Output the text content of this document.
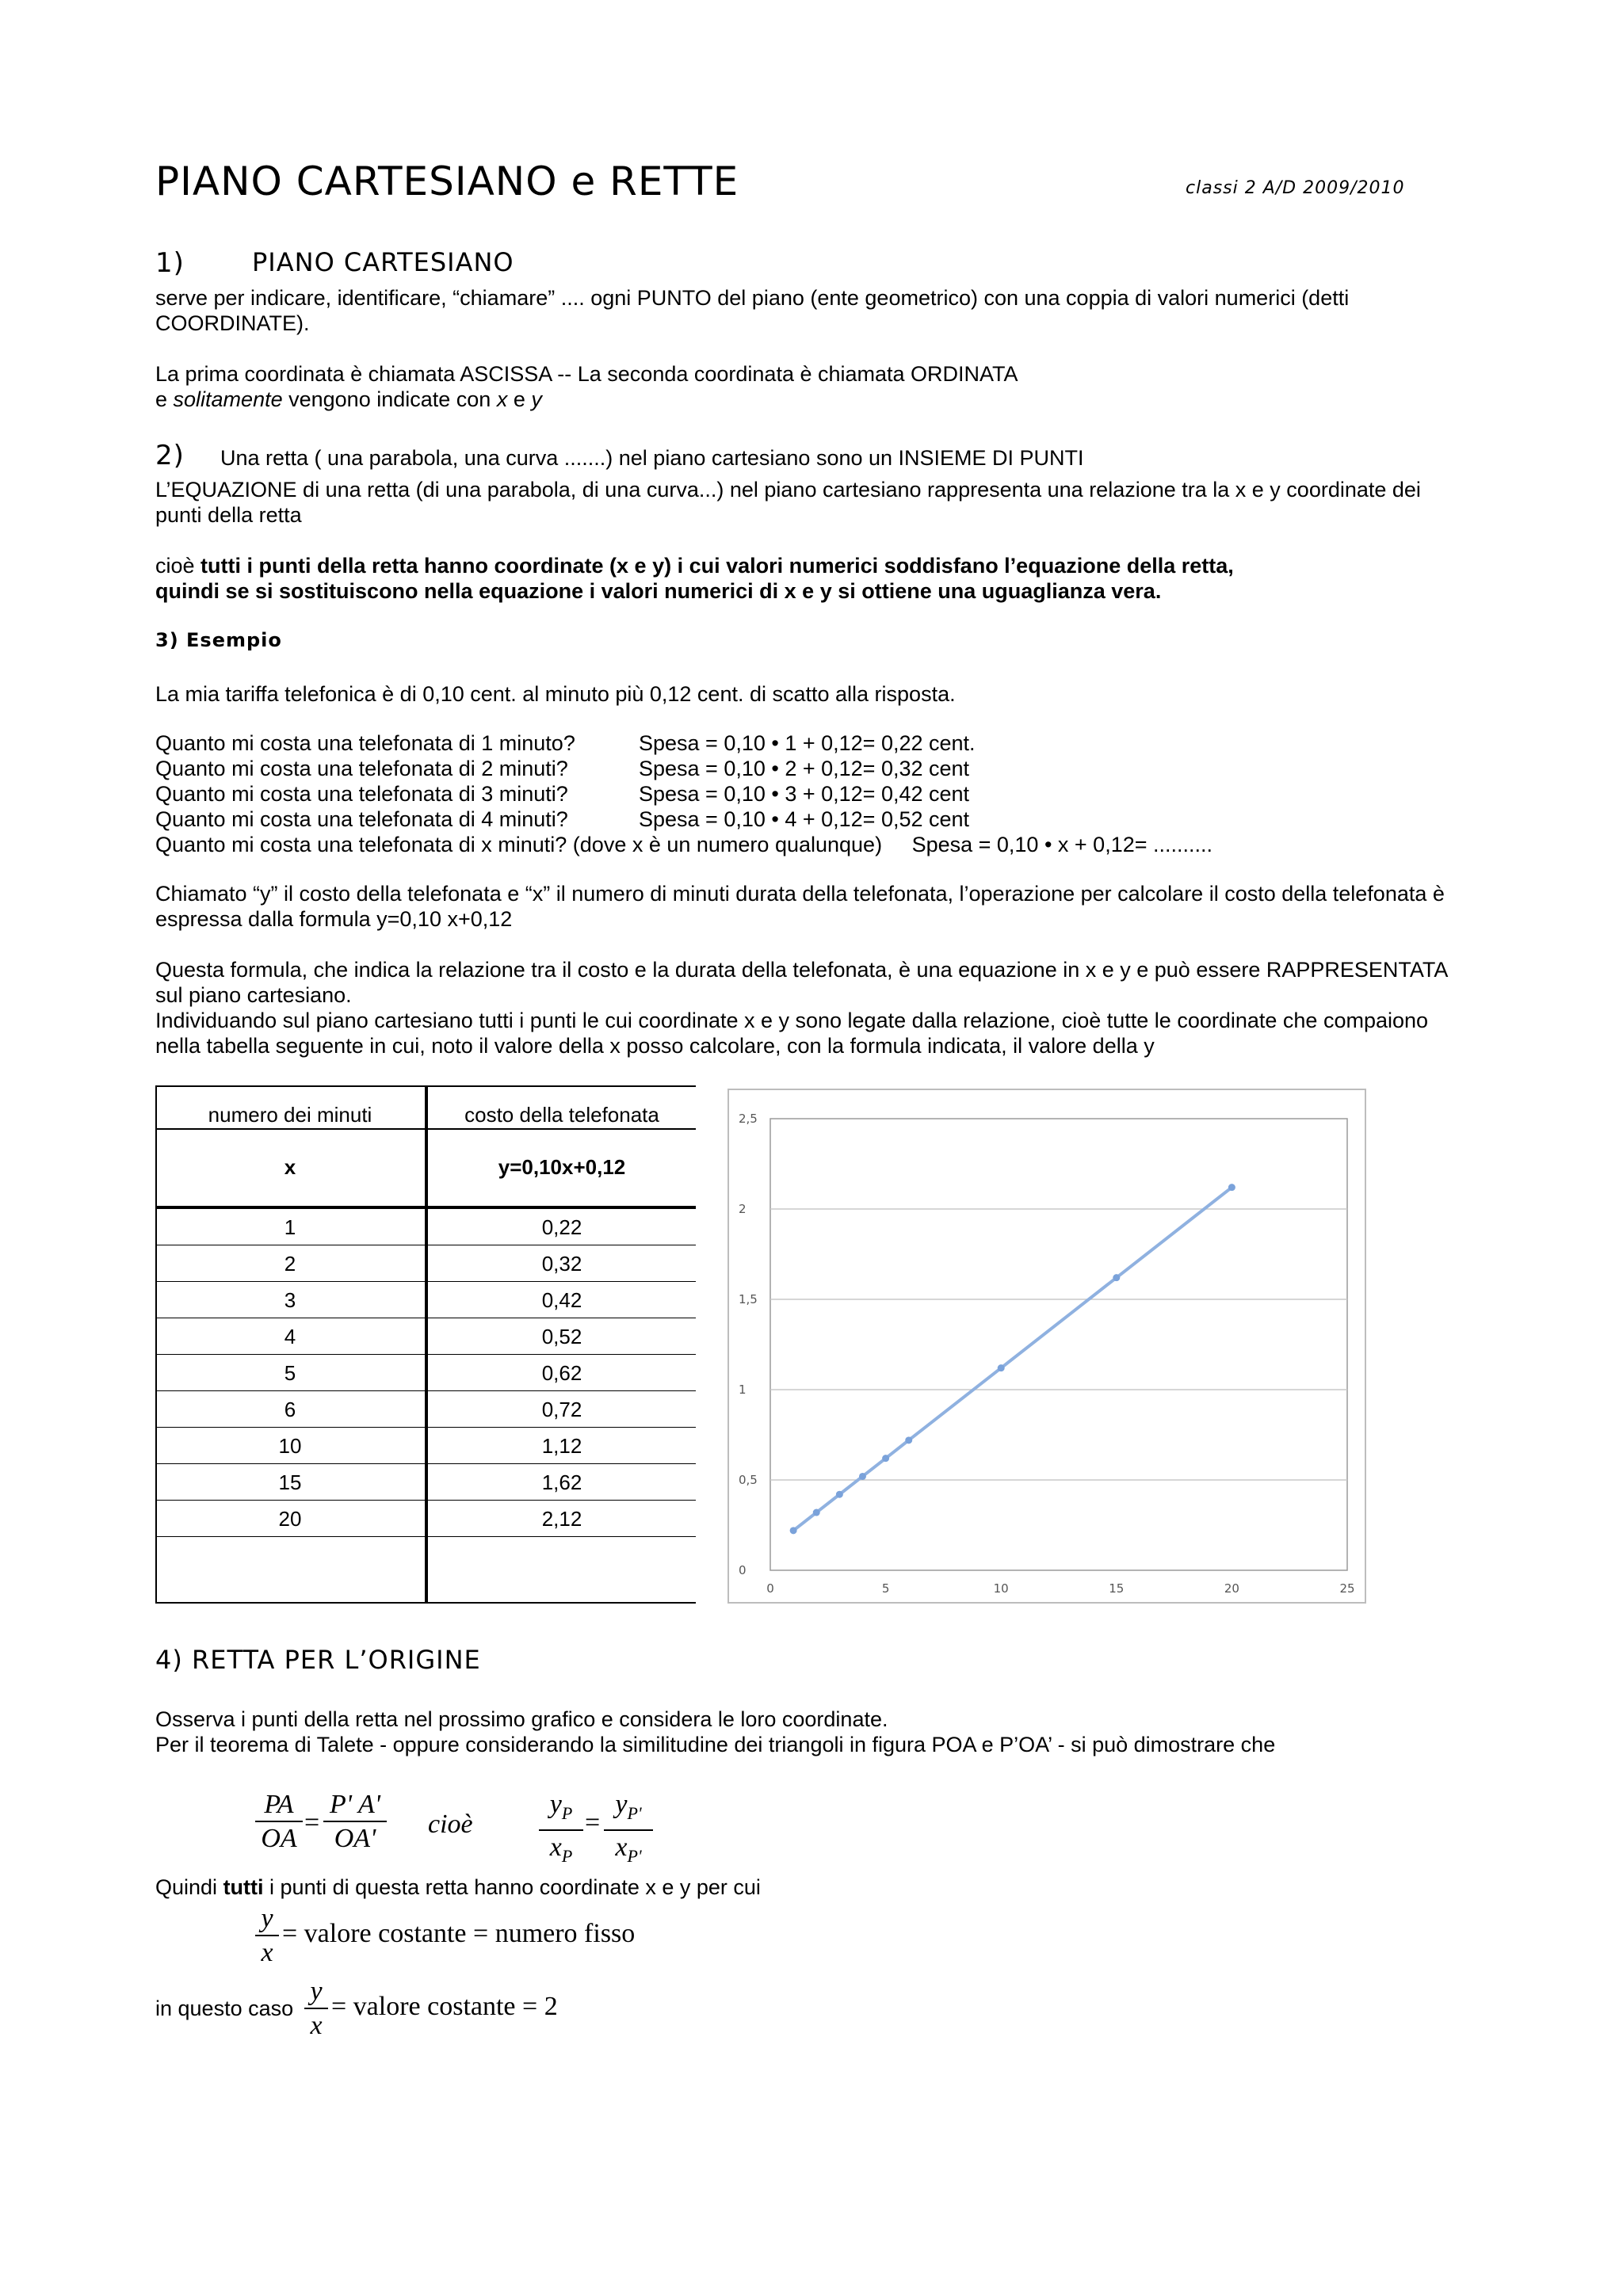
PIANO CARTESIANO e RETTE	classi 2 A/D 2009/2010
1)	PIANO CARTESIANO
serve per indicare, identificare, “chiamare” .... ogni PUNTO del piano (ente geometrico) con una coppia di valori numerici (detti COORDINATE).
La prima coordinata è chiamata ASCISSA -- La seconda coordinata è chiamata ORDINATA
e solitamente vengono indicate con x e y
2) Una retta ( una parabola, una curva .......) nel piano cartesiano sono un INSIEME DI PUNTI
L’EQUAZIONE di una retta (di una parabola, di una curva...) nel piano cartesiano rappresenta una relazione tra la x e y coordinate dei punti della retta
cioè tutti i punti della retta hanno coordinate (x e y) i cui valori numerici soddisfano l’equazione della retta,
quindi se si sostituiscono nella equazione i valori numerici di x e y si ottiene una uguaglianza vera.
3) Esempio
La mia tariffa telefonica è di 0,10 cent. al minuto più 0,12 cent. di scatto alla risposta.
Quanto mi costa una telefonata di 1 minuto?	Spesa = 0,10 • 1 + 0,12= 0,22 cent.
Quanto mi costa una telefonata di 2 minuti?	Spesa = 0,10 • 2 + 0,12= 0,32 cent
Quanto mi costa una telefonata di 3 minuti?	Spesa = 0,10 • 3 + 0,12= 0,42 cent
Quanto mi costa una telefonata di 4 minuti?	Spesa = 0,10 • 4 + 0,12= 0,52 cent
Quanto mi costa una telefonata di x minuti? (dove x è un numero qualunque)     Spesa = 0,10 • x + 0,12= ..........
Chiamato “y” il costo della telefonata e “x” il numero di minuti durata della telefonata, l’operazione per calcolare il costo della telefonata è espressa dalla formula y=0,10 x+0,12
Questa formula, che indica la relazione tra il costo e la durata della telefonata, è una equazione in x e y e può essere RAPPRESENTATA sul piano cartesiano.
Individuando sul piano cartesiano tutti i punti le cui coordinate x e y sono legate dalla relazione, cioè tutte le coordinate che compaiono nella tabella seguente in cui, noto il valore della x posso calcolare, con la formula indicata, il valore della y
numero dei minuti	costo della telefonata
x	y=0,10x+0,12
1	0,22
2	0,32
3	0,42
4	0,52
5	0,62
6	0,72
10	1,12
15	1,62
20	2,12
0
0,5
1
1,5
2
2,5
0	5	10	15	20	25
4) RETTA PER L’ORIGINE
Osserva i punti della retta nel prossimo grafico e considera le loro coordinate.
Per il teorema di Talete - oppure considerando la similitudine dei triangoli in figura POA e P’OA’ - si può dimostrare che
$\frac{PA}{OA} = \frac{P' A'}{OA'}$ cioè $\frac{y_P}{x_P} = \frac{y_{P'}}{x_{P'}}$
Quindi tutti i punti di questa retta hanno coordinate x e y per cui
$\frac{y}{x}$ = valore costante = numero fisso
in questo caso $\frac{y}{x}$ = valore costante = 2
